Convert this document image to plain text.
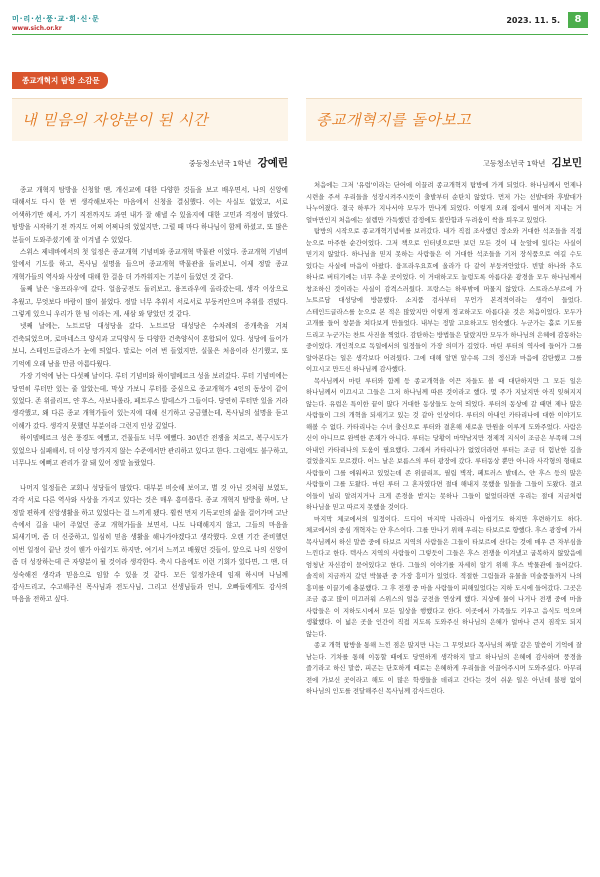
미·리·선·풍·교·회·신·문
www.sich.or.kr
2023. 11. 5.	8
종교개혁지 탐방 소감문
내 믿음의 자양분이 된 시간
중등청소년국 1학년 강예린

종교 개혁지 탐방을 신청할 땐, 개신교에 대한 다양한 것들을 보고 배우면서, 나의 신앙에 대해서도 다시 한 번 생각해보자는 마음에서 신청을 결심했다. 이는 사실도 없었고, 서로 어색하기만 해서, 가기 직전까지도 과연 내가 잘 해낼 수 있을지에 대한 고민과 걱정이 많았다. 탐방을 시작하기 전 까지도 어쩌 어쩌나의 었었지만, 그럴 때 마다 하나님이 함께 하셨고, 또 많은 분들이 도와주셨기에 잘 이겨낼 수 있었다.

스위스 제네바에서의 첫 일정은 종교개혁 기념비와 종교개혁 박물관 이었다. 종교개혁 기념비 앞에서 기도를 하고, 목사님 설명을 들으며 종교개혁 박물관을 둘러보니, 이제 정말 종교 개혁가들의 역사와 사상에 대해 한 걸음 더 가까워지는 기분이 들었던 것 같다.

둘째 날은 '융프라우'에 갔다. 얼음궁전도 둘러보고, 융프라우에 올라갔는데, 생각 이상으로 추웠고, 무엇보다 바람이 많이 불었다. 정말 너무 추워서 서로서로 부둥켜안으며 추위를 견뎠다. 그렇게 있으니 우리가 한 팀 이라는 게, 새삼 와 닿았던 것 같다.

넷째 날에는, 노트르담 대성당을 갔다. 노트르담 대성당은 수차례의 증개축을 거쳐 건축되었으며, 로마네스크 양식과 고딕양식 등 다양한 건축양식이 혼합되어 있다. 성당에 들어가 보니, 스테인드글라스가 눈에 띄었다. 말로는 어려 번 들었지만, 실물은 처음이라 신기했고, 또 기억에 오래 남을 만큼 아름다웠다.

가장 기억에 남는 다섯째 날이다. 루터 기념비와 하이델베르크 성을 보러갔다. 루터 기념비에는 당연히 루터만 있는 줄 알았는데, 막상 가보니 루터를 중심으로 종교개혁가 4인의 동상이 같이 있었다. 존 위클리프, 얀 후스, 사보나롤라, 페트루스 발데스가 그들이다. 당연히 루터만 있을 거라 생각했고, 왜 다른 종교 개혁가들이 있는지에 대해 신기하고 궁금했는데, 목사님의 설명을 듣고 이해가 갔다. 생각지 못했던 부분이라 그런지 인상 깊었다.

하이델베르크 성은 풍경도 예뻤고, 건물들도 너무 예뻤다. 30년간 전쟁을 치르고, 복구시도가 있었으나 실패해서, 더 이상 망가지지 않는 수준에서만 관리하고 있다고 한다. 그럼에도 불구하고, 너무나도 예뻐고 관리가 잘 돼 있어 정말 놀랐었다.

나머지 일정들은 교회나 성당들이 많았다. 대부분 비슷해 보이고, 별 것 아닌 것처럼 보였도, 각각 서로 다른 역사와 사상을 가지고 있다는 것은 매우 흥미롭다. 종교 개혁지 탐방을 하며, 난 정말 편하게 신앙생활을 하고 있었다는 걸 느끼게 됐다. 휠씬 먼저 기독교인의 삶을 걸어가며 고난 속에서 길을 내어 주었던 종교 개혁가들을 보면서, 나도 나태해지지 않고, 그들의 마음을 되새기며, 좀 더 신중하고, 일심히 믿음 생활을 해나가야겠다고 생각했다. 오랜 기간 준비했던 이번 일정이 끝난 것이 웬가 아쉽기도 하지만, 여기서 느끼고 배웠던 것들이, 앞으로 나의 신앙이 좀 더 성장하는데 큰 자양분이 될 것이라 생각한다. 축시 다음에도 이런 기회가 있다면, 그 땐, 더 성숙해진 생각과 믿음으로 임할 수 있을 것 같다. 모든 일정가운데 임재 하시며 나님께 감사드리고, 수고해주신 목사님과 전도사님, 그리고 선생님들과 언니, 오빠들에게도 감사의 마음을 전하고 싶다.

종교개혁지를 돌아보고
고등청소년국 1학년 김보민

처음에는 그저 '유럽'이라는 단어에 이끌려 종교개혁지 탐방에 가게 되었다. 하나님께서 언제나 시련을 주셔 우리들을 성장시켜주시듯이 출발부터 순탄치 않았다. 먼저 가는 선발대와 후발대가 나누어졌다. 결국 하루가 지나서야 모두가 만나게 되었다. 이렇게 오래 집에서 떨어져 지내는 거 얼마만인지 처음에는 설렘만 가득했던 감정에도 불안함과 두려움이 싹을 틔우고 있었다.

탐방의 시작으로 종교개혁기념비를 보러갔다. 내가 직접 조사했던 장소와 거대한 석조들을 직접 눈으로 마주한 순간이었다. 그저 책으로 인터넷으로만 보던 모든 것이 내 눈앞에 있다는 사실이 믿기지 않았다. 하나님을 믿지 못하는 사람들은 이 거대한 석조들을 기저 장식품으로 여길 수도 있다는 사실에 마음이 아팠다. 융프라우요흐에 올라가 다 같이 부둥켜안았다. 빈말 하나와 추도 하나로 버티기에는 너무 추운 곳이었다. 이 거대하고도 늘렁도록 아름다운 광경을 모두 하나님께서 창조하신 것이라는 사실이 감격스러웠다. 프랑스는 하루밖에 머물지 않았다. 스트라스부르에 가 노트르담 대성당에 방문했다. 소지품 검사부터 무언가 본격적이라는 생각이 들었다. 스테인드글라스를 눈으로 본 적은 많았지만 이렇게 정교하고도 아름다운 것은 처음이었다. 모두가 고개를 들어 창문을 쳐다보게 만들었다. 내부는 정말 고요하고도 엄숙했다. 누군가는 홀로 기도를 드리고 누군가는 찬트 사진을 찍었다. 감탄하는 방법들은 달랐지만 모두가 하나님의 은혜에 감동하는 중이었다. 개인적으로 독일에서의 일정들이 가장 의미가 깊었다. 마틴 루터의 역사에 들어가 그를 알아본다는 일은 생각보다 어려웠다. 그에 대해 알면 알수록 그의 정신과 마음에 감탄했고 그를 이끄시고 만드신 하나님께 감사했다.

목사님께서 마틴 루터와 함께 등 종교개혁을 이끈 자들도 볼 때 대단하지만 그 모든 일은 하나님께서 이끄시고 그들은 그저 하나님께 따른 것이라고 했다. 몇 주가 지났지만 아직 잊혀지지 않는다. 유럽은 특이한 끝이 많다 거대한 동상들도 눈여 띄었다. 루터의 동상에 갈 때면 제나 많은 사람들이 그의 개혁을 되새기고 있는 것 같아 인상이다. 루터의 아내인 카타리나에 대한 이야기도 해볼 수 없다. 카타리나는 수녀 출신으로 루터와 결혼해 새로운 만원을 이루게 도와주었다. 사람은 신이 아니므로 완벽한 존재가 아니다. 루터는 당황이 마약남지만 경제적 지식이 조금은 부족해 그의 아내인 카타리나의 도움이 필요했다. 그래서 카타리나가 없었더라면 루터는 조금 더 험난한 길을 걸었을지도 모르겠다. 어느 날은 보름스의 루터 광장에 갔다. 루터동상 뿐만 아니라 사각형의 형태로 사람들이 그를 에워싸고 있었는데 존 위클리프, 필립 벽작, 페트러스 발데스, 얀 후스 등의 많은 사람들이 그를 도왔다. 마틴 루터 그 혼자였다면 절대 해내지 못했을 일들을 그들이 도왔다. 결코 이들이 널리 알려지거나 크게 존경을 받지는 못하나 그들이 없었더라면 우리는 절대 지금처럼 하나님을 믿고 따르지 못했을 것이다.

마지막 체코에서의 일정이다. 드디어 마지막 나라라니 아쉽기도 하지만 후련하기도 하다. 체코에서의 중심 개혁자는 얀 후스이다. 그를 만나기 위해 우리는 타보르로 향했다. 후스 광장에 가서 목사님께서 하신 말씀 중에 타보르 지역의 사람들은 그들이 타보르에 산다는 것에 매우 큰 자부심을 느낀다고 한다. 텍사스 지역의 사람들이 그렇듯이 그들은 후스 전쟁을 이겨냈고 굽복하지 않았음에 엄청난 자신감이 묻어있다고 한다. 그들의 이야기를 자세히 알기 위해 후스 박물관에 들어갔다. 솔직히 지금까지 갔던 박물관 중 가장 흥미가 있었다. 적절한 그림들과 유물을 미술품들까지 나의 흥미를 이끌기에 충분했다. 그 후 전쟁 중 마을 사람들이 피해있었다는 지하 도시에 들어갔다. 그곳은 조금 좁고 많이 미끄러워 스위스의 얼음 궁전을 연상케 했다. 지상에 물이 나거나 전쟁 중에 마을 사람들은 이 지하도시에서 모든 일상을 행했다고 한다. 이곳에서 가족들도 키우고 음식도 먹으며 생활했다. 이 넓은 곳을 인간이 직접 지도록 도와주신 하나님의 은혜가 얼마나 큰지 짐작도 되지 않는다.

종교 개혁 탐방을 통해 느낀 점은 많지만 나는 그 무엇보다 목사님의 짜말 같은 말씀이 기억에 잘 남는다. 기차를 통해 이동할 때에도 당연하게 생각하지 말고 하나님의 은혜에 감사하며 풍경을 즐기라고 하신 말씀, 피곤는 단호하게 때로는 은혜하게 우리들을 이끌어주시며 도와주셨다. 아무리 전에 가보신 곳이라고 해도 이 많은 학생들을 데리고 간다는 것이 쉬운 일은 아닌데 불평 없이 하나님의 인도를 전달해주신 목사님께 감사드린다.
